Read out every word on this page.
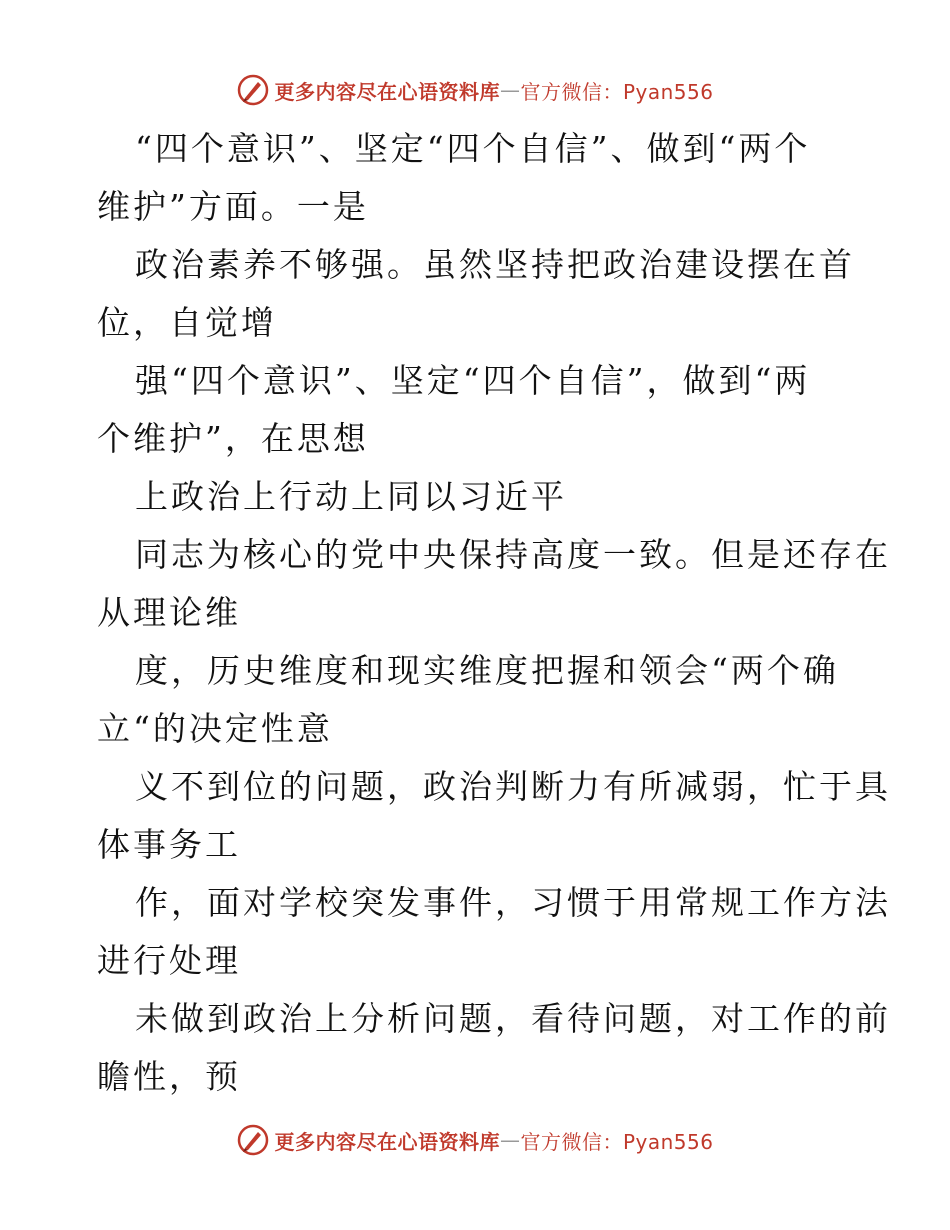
更多内容尽在心语资料库 — 官方微信：Pyan556
“四个意识”、坚定“四个自信”、做到“两个
维护”方面。一是
政治素养不够强。虽然坚持把政治建设摆在首
位，自觉增
强“四个意识”、坚定“四个自信”，做到“两
个维护”，在思想
上政治上行动上同以习近平
同志为核心的党中央保持高度一致。但是还存在
从理论维
度，历史维度和现实维度把握和领会“两个确
立“的决定性意
义不到位的问题，政治判断力有所减弱，忙于具
体事务工
作，面对学校突发事件，习惯于用常规工作方法
进行处理
未做到政治上分析问题，看待问题，对工作的前
瞻性，预
更多内容尽在心语资料库 — 官方微信：Pyan556
